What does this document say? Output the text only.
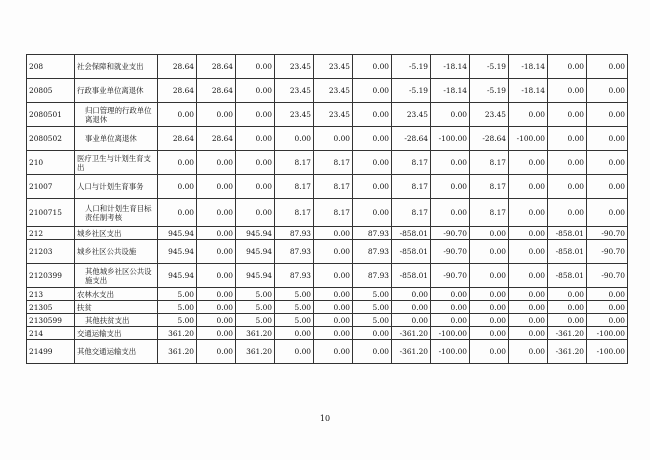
208	社会保障和就业支出	28.64	28.64	0.00	23.45	23.45	0.00	-5.19	-18.14	-5.19	-18.14	0.00	0.00
20805	行政事业单位离退休	28.64	28.64	0.00	23.45	23.45	0.00	-5.19	-18.14	-5.19	-18.14	0.00	0.00
2080501	归口管理的行政单位离退休	0.00	0.00	0.00	23.45	23.45	0.00	23.45	0.00	23.45	0.00	0.00	0.00
2080502	事业单位离退休	28.64	28.64	0.00	0.00	0.00	0.00	-28.64	-100.00	-28.64	-100.00	0.00	0.00
210	医疗卫生与计划生育支出	0.00	0.00	0.00	8.17	8.17	0.00	8.17	0.00	8.17	0.00	0.00	0.00
21007	人口与计划生育事务	0.00	0.00	0.00	8.17	8.17	0.00	8.17	0.00	8.17	0.00	0.00	0.00
2100715	人口和计划生育目标责任制考核	0.00	0.00	0.00	8.17	8.17	0.00	8.17	0.00	8.17	0.00	0.00	0.00
212	城乡社区支出	945.94	0.00	945.94	87.93	0.00	87.93	-858.01	-90.70	0.00	0.00	-858.01	-90.70
21203	城乡社区公共设施	945.94	0.00	945.94	87.93	0.00	87.93	-858.01	-90.70	0.00	0.00	-858.01	-90.70
2120399	其他城乡社区公共设施支出	945.94	0.00	945.94	87.93	0.00	87.93	-858.01	-90.70	0.00	0.00	-858.01	-90.70
213	农林水支出	5.00	0.00	5.00	5.00	0.00	5.00	0.00	0.00	0.00	0.00	0.00	0.00
21305	扶贫	5.00	0.00	5.00	5.00	0.00	5.00	0.00	0.00	0.00	0.00	0.00	0.00
2130599	其他扶贫支出	5.00	0.00	5.00	5.00	0.00	5.00	0.00	0.00	0.00	0.00	0.00	0.00
214	交通运输支出	361.20	0.00	361.20	0.00	0.00	0.00	-361.20	-100.00	0.00	0.00	-361.20	-100.00
21499	其他交通运输支出	361.20	0.00	361.20	0.00	0.00	0.00	-361.20	-100.00	0.00	0.00	-361.20	-100.00
10
